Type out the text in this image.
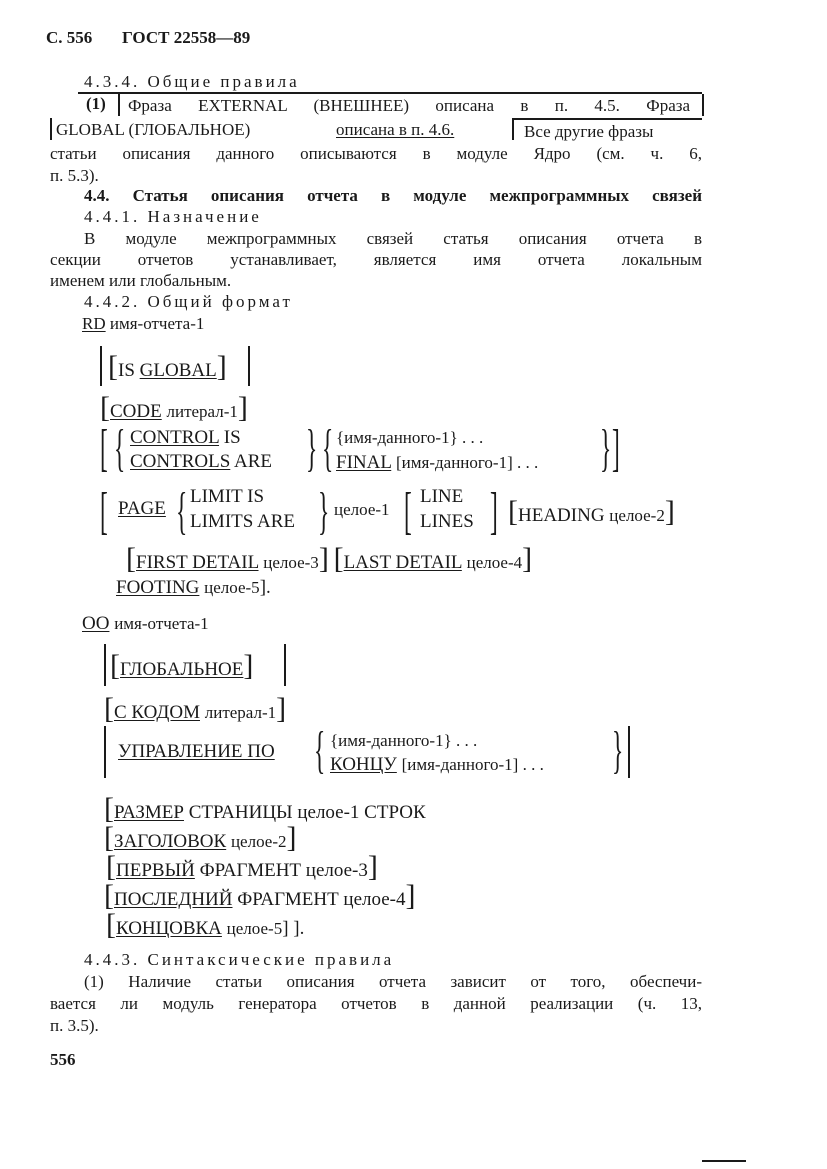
С. 556 ГОСТ 22558—89
4.3.4. Общие правила
(1) Фраза EXTERNAL (ВНЕШНЕЕ) описана в п. 4.5. Фраза
GLOBAL (ГЛОБАЛЬНОЕ)	описана в п. 4.6.	Все другие фразы
статьи описания данного описываются в модуле Ядро (см. ч. 6,
п. 5.3).
4.4. Статья описания отчета в модуле межпрограммных связей
4.4.1. Назначение
В модуле межпрограммных связей статья описания отчета в
секции отчетов устанавливает, является имя отчета локальным
именем или глобальным.
4.4.2. Общий формат
RD имя-отчета-1
[IS GLOBAL]
[CODE литерал-1]
[ { CONTROL IS
CONTROLS ARE } { {имя-данного-1} . . .
FINAL [имя-данного-1] . . . } ]
[ PAGE { LIMIT IS
LIMITS ARE } целое-1 [ LINE
LINES ] [HEADING целое-2]
[FIRST DETAIL целое-3] [LAST DETAIL целое-4]
FOOTING целое-5].
ОО имя-отчета-1
[ГЛОБАЛЬНОЕ]
[С КОДОМ литерал-1]
УПРАВЛЕНИЕ ПО { {имя-данного-1} . . .
КОНЦУ [имя-данного-1] . . . }
[РАЗМЕР СТРАНИЦЫ целое-1 СТРОК
[ЗАГОЛОВОК целое-2]
[ПЕРВЫЙ ФРАГМЕНТ целое-3]
[ПОСЛЕДНИЙ ФРАГМЕНТ целое-4]
[КОНЦОВКА целое-5] ].
4.4.3. Синтаксические правила
(1) Наличие статьи описания отчета зависит от того, обеспечи-
вается ли модуль генератора отчетов в данной реализации (ч. 13,
п. 3.5).
556
